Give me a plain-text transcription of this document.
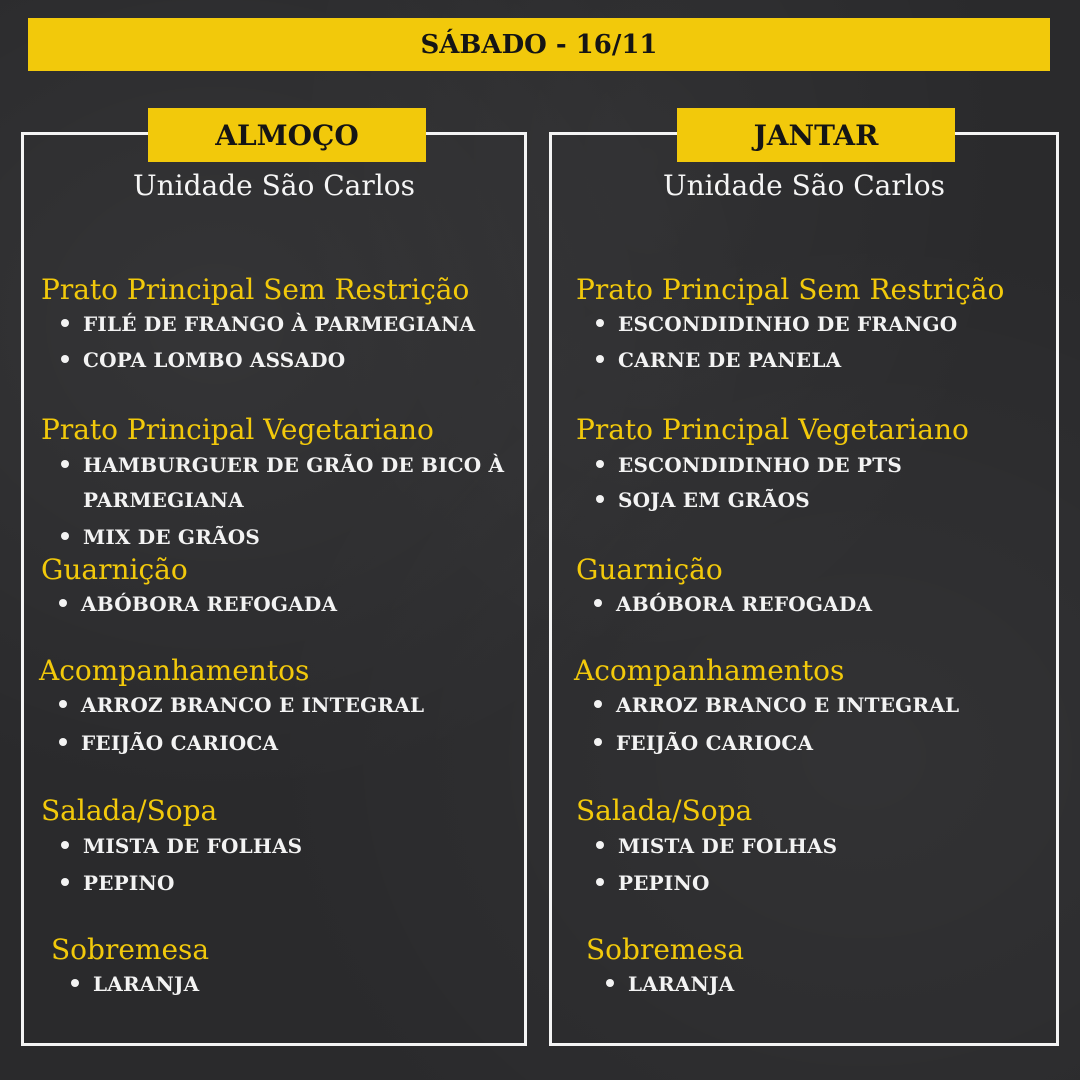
SÁBADO - 16/11
ALMOÇO
Unidade São Carlos
Prato Principal Sem Restrição
FILÉ DE FRANGO À PARMEGIANA
COPA LOMBO ASSADO
Prato Principal Vegetariano
HAMBURGUER DE GRÃO DE BICO À
PARMEGIANA
MIX DE GRÃOS
Guarnição
ABÓBORA REFOGADA
Acompanhamentos
ARROZ BRANCO E INTEGRAL
FEIJÃO CARIOCA
Salada/Sopa
MISTA DE FOLHAS
PEPINO
Sobremesa
LARANJA
JANTAR
Unidade São Carlos
Prato Principal Sem Restrição
ESCONDIDINHO DE FRANGO
CARNE DE PANELA
Prato Principal Vegetariano
ESCONDIDINHO DE PTS
SOJA EM GRÃOS
Guarnição
ABÓBORA REFOGADA
Acompanhamentos
ARROZ BRANCO E INTEGRAL
FEIJÃO CARIOCA
Salada/Sopa
MISTA DE FOLHAS
PEPINO
Sobremesa
LARANJA
